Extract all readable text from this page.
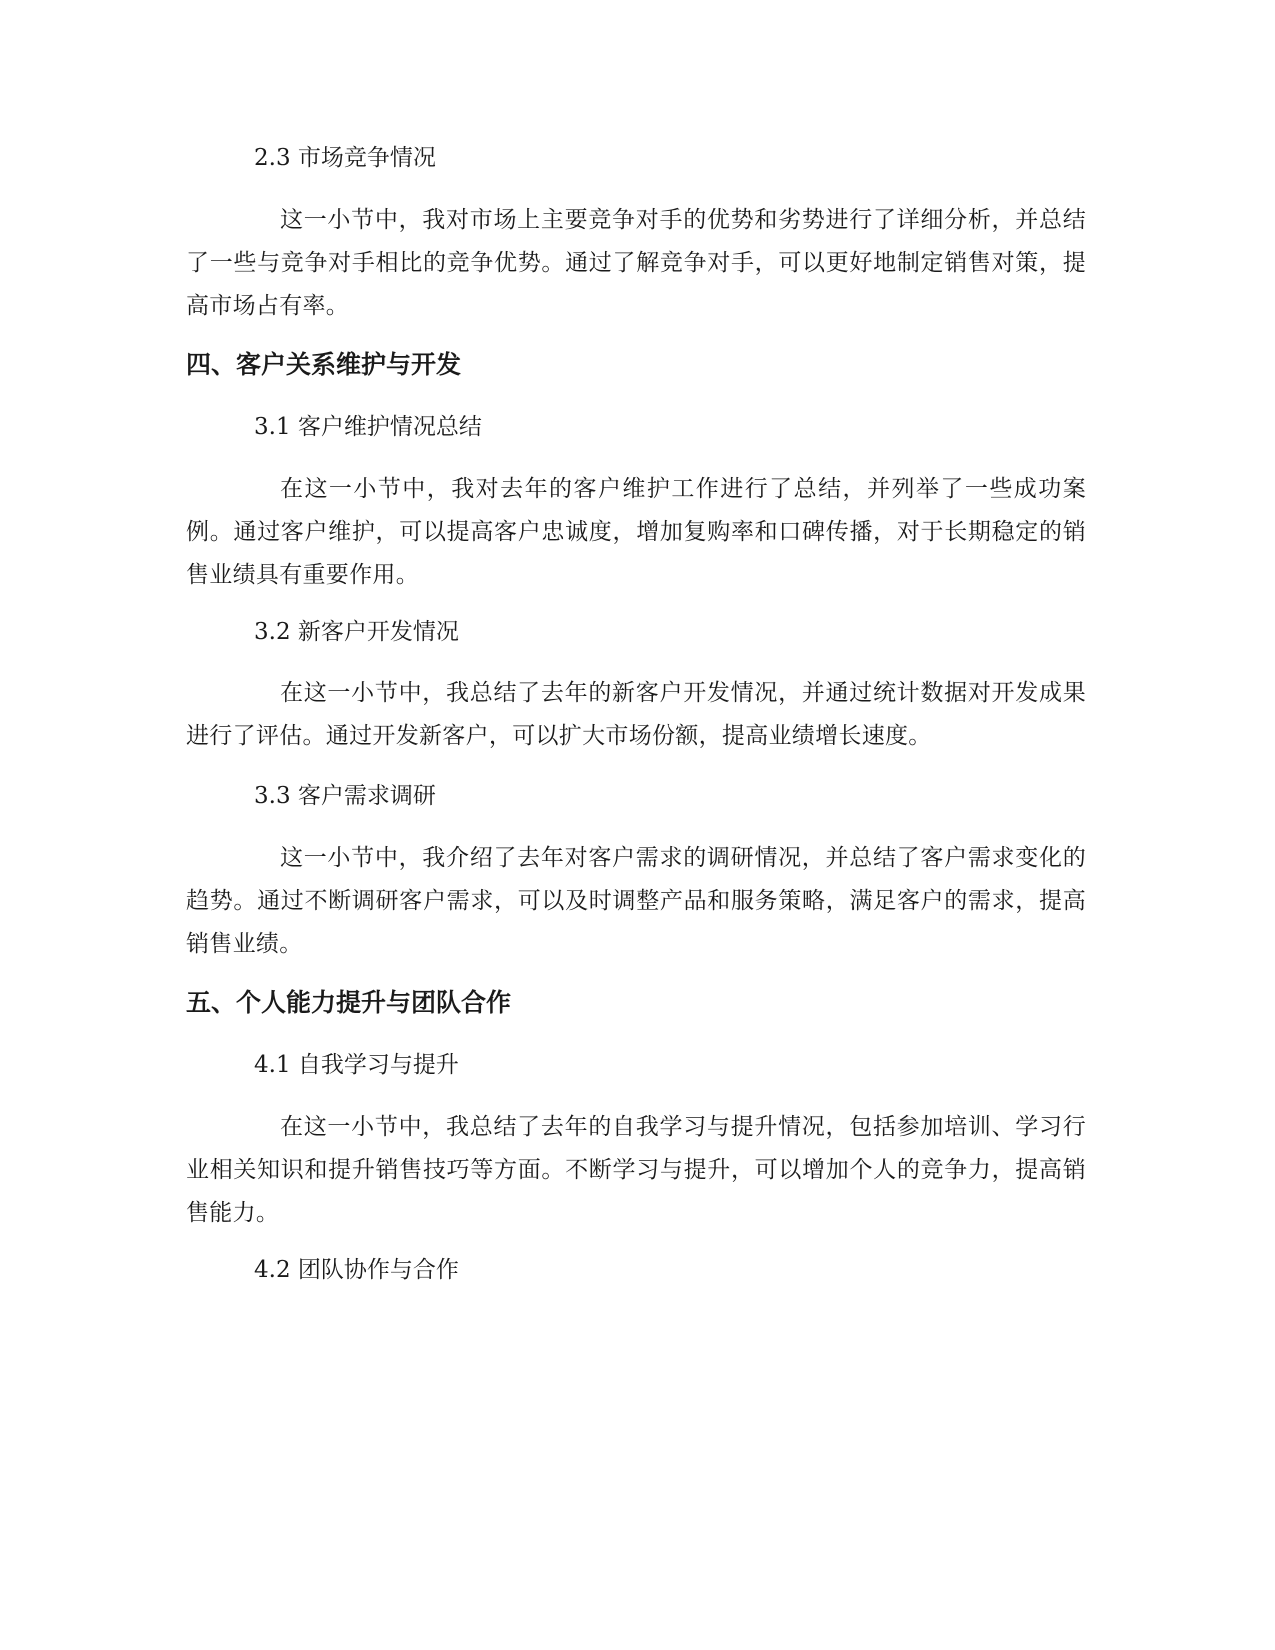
2.3 市场竞争情况

这一小节中，我对市场上主要竞争对手的优势和劣势进行了详细分析，并总结了一些与竞争对手相比的竞争优势。通过了解竞争对手，可以更好地制定销售对策，提高市场占有率。

四、客户关系维护与开发

3.1 客户维护情况总结

在这一小节中，我对去年的客户维护工作进行了总结，并列举了一些成功案例。通过客户维护，可以提高客户忠诚度，增加复购率和口碑传播，对于长期稳定的销售业绩具有重要作用。

3.2 新客户开发情况

在这一小节中，我总结了去年的新客户开发情况，并通过统计数据对开发成果进行了评估。通过开发新客户，可以扩大市场份额，提高业绩增长速度。

3.3 客户需求调研

这一小节中，我介绍了去年对客户需求的调研情况，并总结了客户需求变化的趋势。通过不断调研客户需求，可以及时调整产品和服务策略，满足客户的需求，提高销售业绩。

五、个人能力提升与团队合作

4.1 自我学习与提升

在这一小节中，我总结了去年的自我学习与提升情况，包括参加培训、学习行业相关知识和提升销售技巧等方面。不断学习与提升，可以增加个人的竞争力，提高销售能力。

4.2 团队协作与合作
